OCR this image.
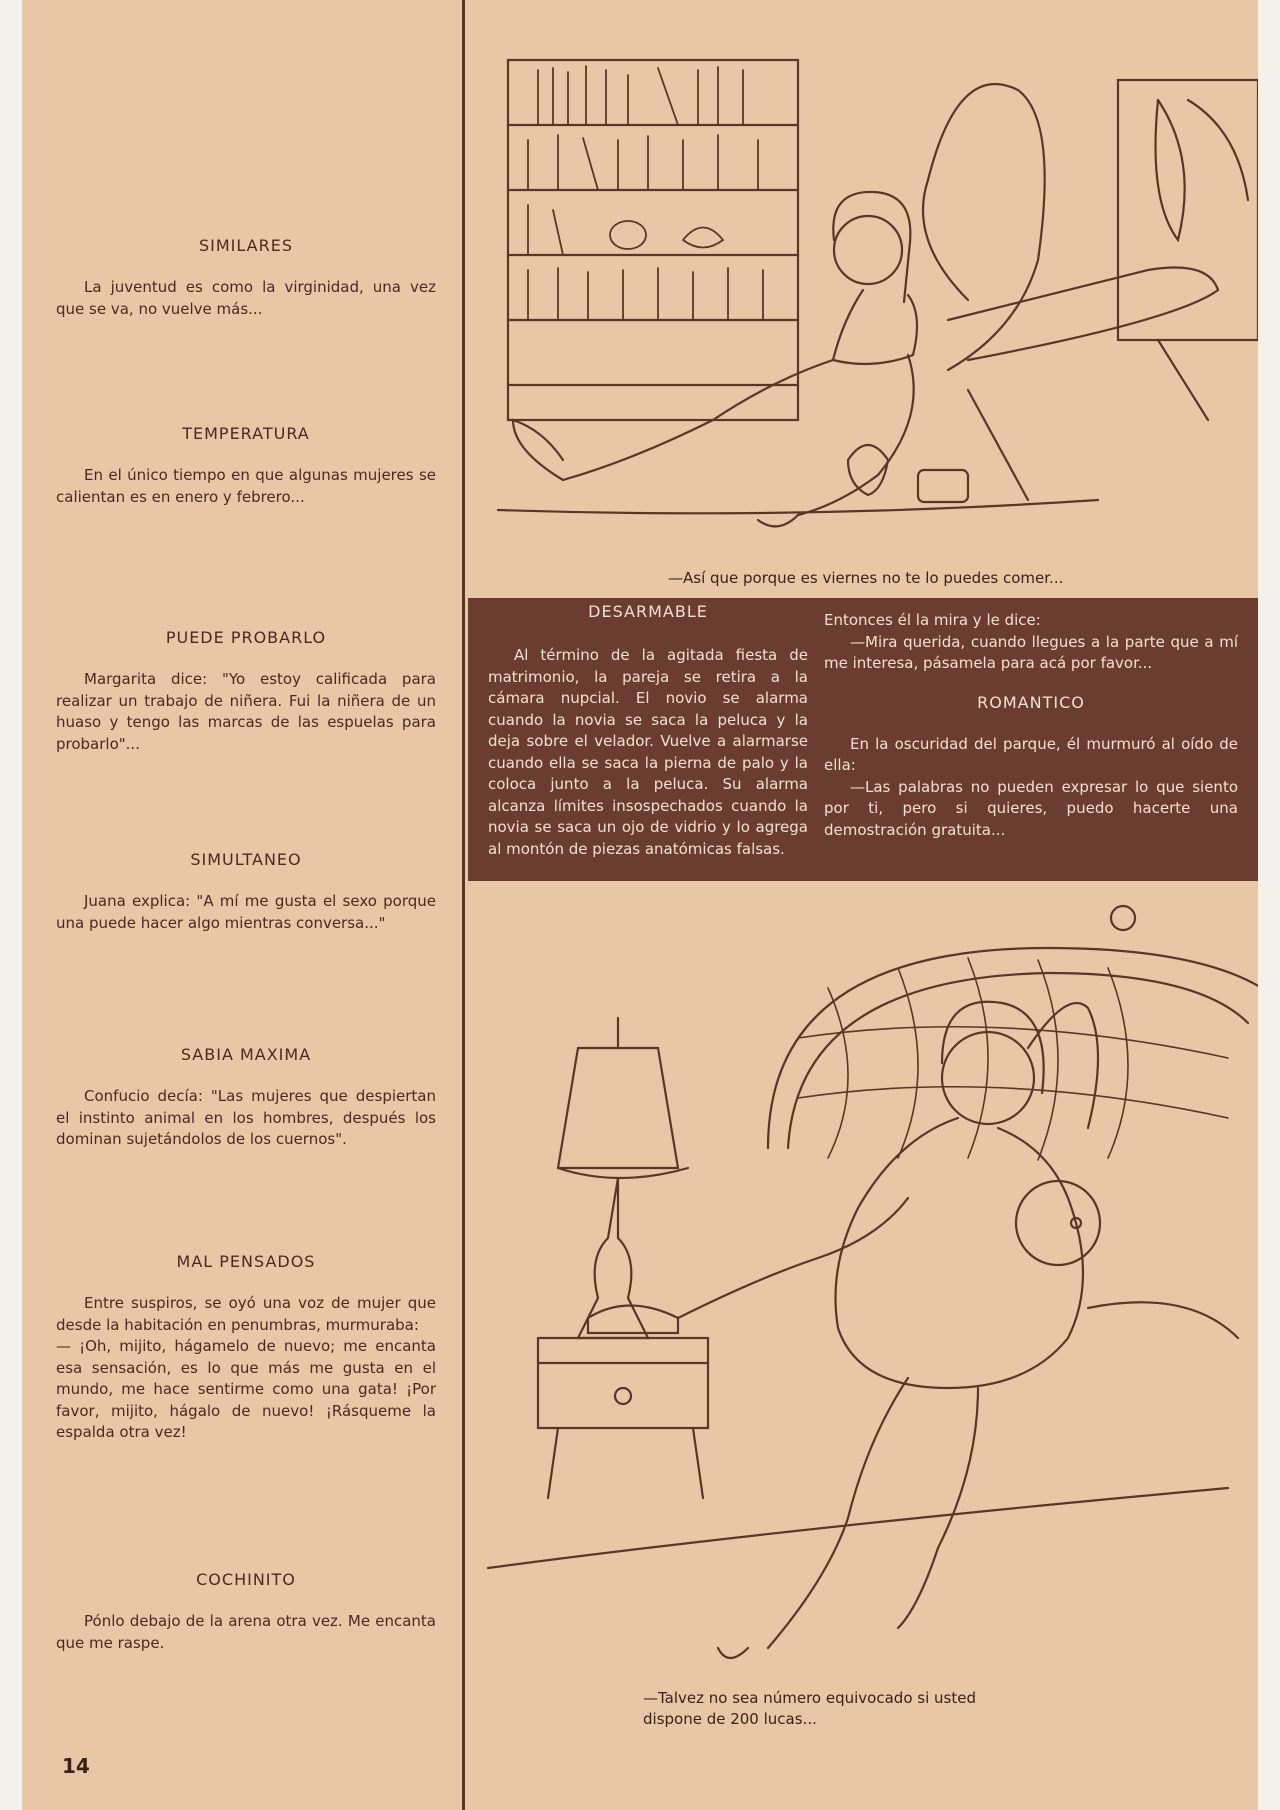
SIMILARES

La juventud es como la virginidad, una vez que se va, no vuelve más...

TEMPERATURA

En el único tiempo en que algunas mujeres se calientan es en enero y febrero...

PUEDE PROBARLO

Margarita dice: "Yo estoy calificada para realizar un trabajo de niñera. Fui la niñera de un huaso y tengo las marcas de las espuelas para probarlo"...

SIMULTANEO

Juana explica: "A mí me gusta el sexo porque una puede hacer algo mientras conversa..."

SABIA MAXIMA

Confucio decía: "Las mujeres que despiertan el instinto animal en los hombres, después los dominan sujetándolos de los cuernos".

MAL PENSADOS

Entre suspiros, se oyó una voz de mujer que desde la habitación en penumbras, murmuraba:

— ¡Oh, mijito, hágamelo de nuevo; me encanta esa sensación, es lo que más me gusta en el mundo, me hace sentirme como una gata! ¡Por favor, mijito, hágalo de nuevo! ¡Rásqueme la espalda otra vez!

COCHINITO

Pónlo debajo de la arena otra vez. Me encanta que me raspe.

14
—Así que porque es viernes no te lo puedes comer...
DESARMABLE

Al término de la agitada fiesta de matrimonio, la pareja se retira a la cámara nupcial. El novio se alarma cuando la novia se saca la peluca y la deja sobre el velador. Vuelve a alarmarse cuando ella se saca la pierna de palo y la coloca junto a la peluca. Su alarma alcanza límites insospechados cuando la novia se saca un ojo de vidrio y lo agrega al montón de piezas anatómicas falsas.

Entonces él la mira y le dice:

—Mira querida, cuando llegues a la parte que a mí me interesa, pásamela para acá por favor...

ROMANTICO

En la oscuridad del parque, él murmuró al oído de ella:

—Las palabras no pueden expresar lo que siento por ti, pero si quieres, puedo hacerte una demostración gratuita...

—Talvez no sea número equivocado si usted
dispone de 200 lucas...
